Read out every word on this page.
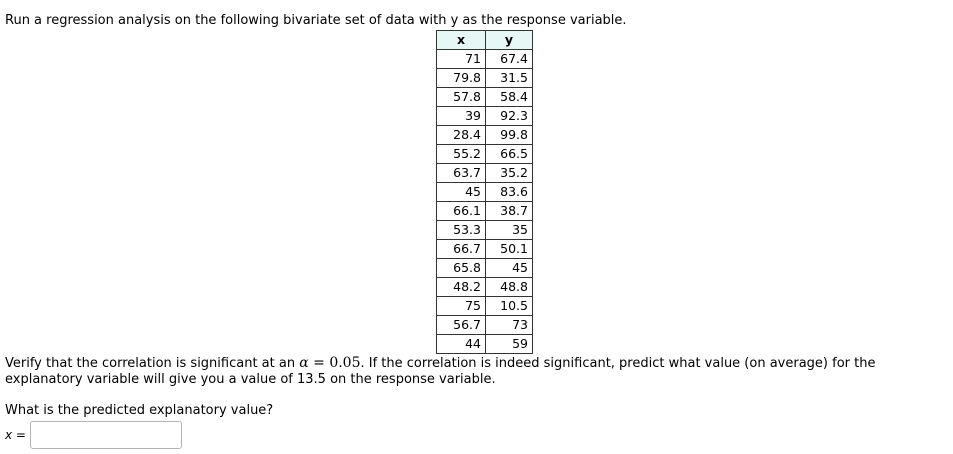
Run a regression analysis on the following bivariate set of data with y as the response variable.

x	y
71	67.4
79.8	31.5
57.8	58.4
39	92.3
28.4	99.8
55.2	66.5
63.7	35.2
45	83.6
66.1	38.7
53.3	35
66.7	50.1
65.8	45
48.2	48.8
75	10.5
56.7	73
44	59

Verify that the correlation is significant at an α = 0.05. If the correlation is indeed significant, predict what value (on average) for the explanatory variable will give you a value of 13.5 on the response variable.

What is the predicted explanatory value?

x =
